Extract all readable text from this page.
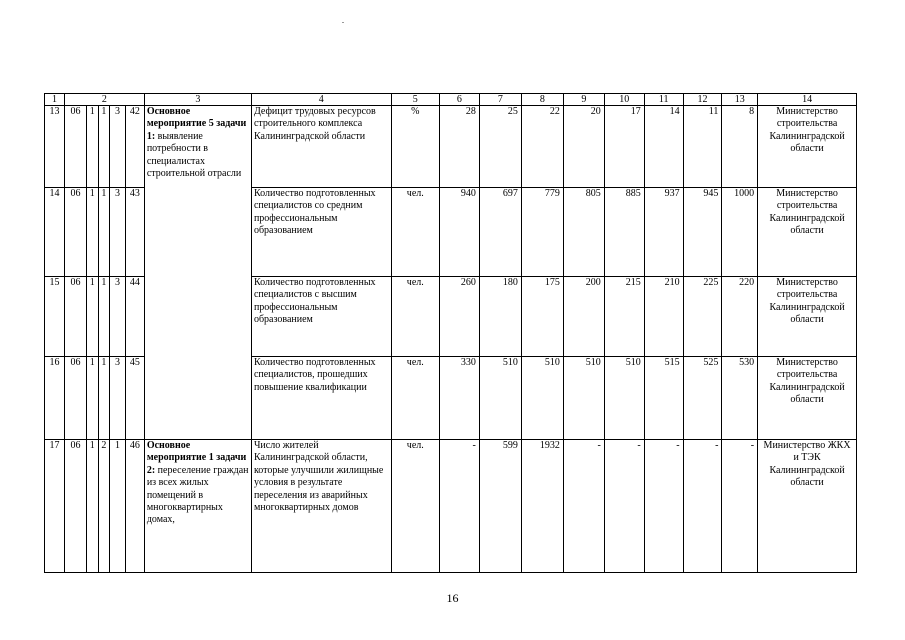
1	2					3	4	5	6	7	8	9	10	11	12	13	14
13	06	1	1	3	42	Основное мероприятие 5 задачи 1: выявление потребности в специалистах строительной отрасли	Дефицит трудовых ресурсов строительного комплекса Калининградской области	%	28	25	22	20	17	14	11	8	Министерство строительства Калининградской области
14	06	1	1	3	43		Количество подготовленных специалистов со средним профессиональным образованием	чел.	940	697	779	805	885	937	945	1000	Министерство строительства Калининградской области
15	06	1	1	3	44		Количество подготовленных специалистов с высшим профессиональным образованием	чел.	260	180	175	200	215	210	225	220	Министерство строительства Калининградской области
16	06	1	1	3	45		Количество подготовленных специалистов, прошедших повышение квалификации	чел.	330	510	510	510	510	515	525	530	Министерство строительства Калининградской области
17	06	1	2	1	46	Основное мероприятие 1 задачи 2: переселение граждан из всех жилых помещений в многоквартирных домах,	Число жителей Калининградской области, которые улучшили жилищные условия в результате переселения из аварийных многоквартирных домов	чел.	-	599	1932	-	-	-	-	-	Министерство ЖКХ и ТЭК Калининградской области
16
